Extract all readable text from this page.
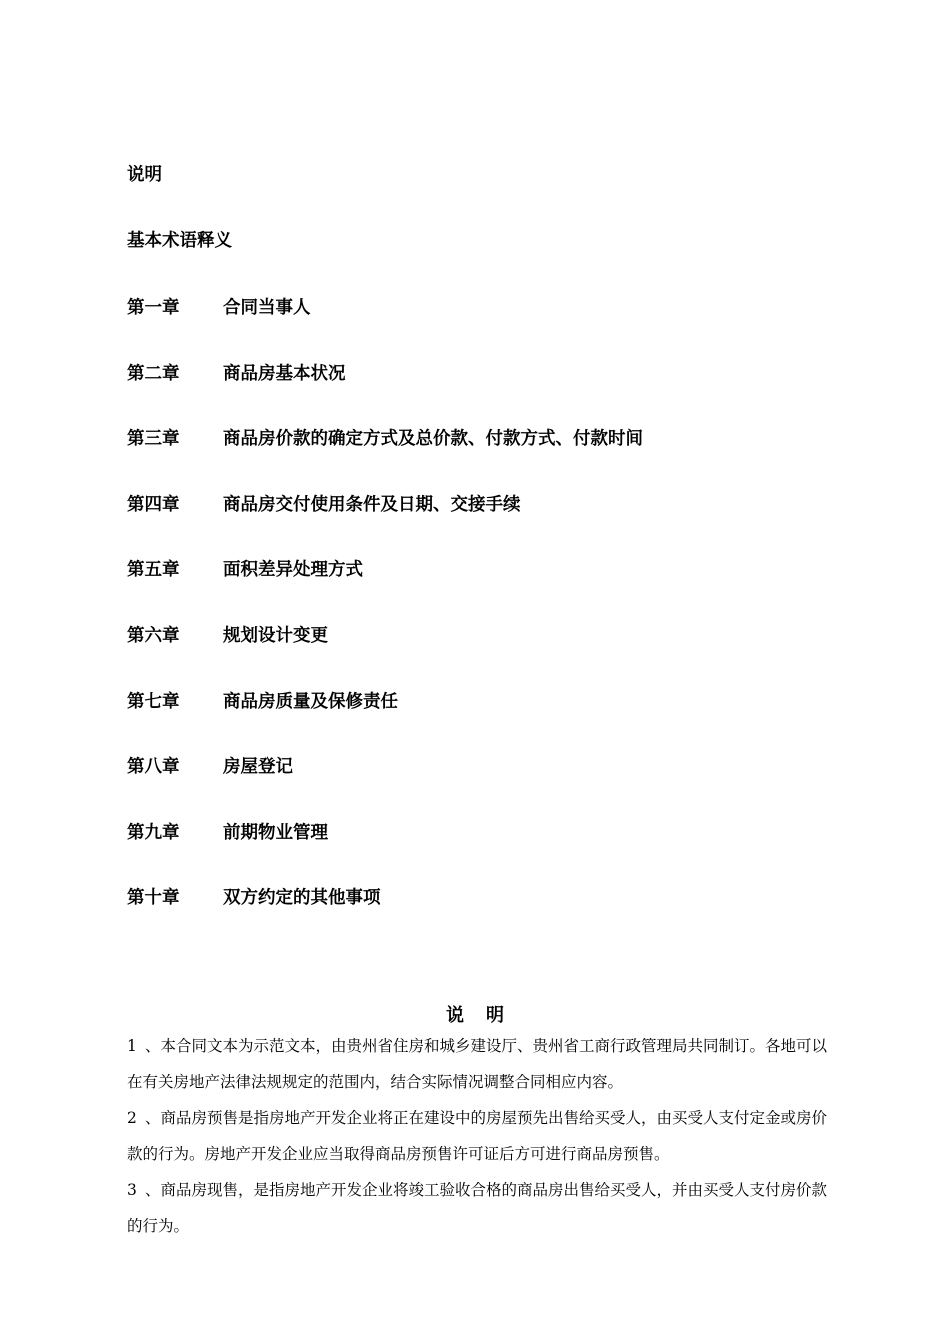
说明
基本术语释义
第一章 合同当事人
第二章 商品房基本状况
第三章 商品房价款的确定方式及总价款、付款方式、付款时间
第四章 商品房交付使用条件及日期、交接手续
第五章 面积差异处理方式
第六章 规划设计变更
第七章 商品房质量及保修责任
第八章 房屋登记
第九章 前期物业管理
第十章 双方约定的其他事项
说明

1 、本合同文本为示范文本，由贵州省住房和城乡建设厅、贵州省工商行政管理局共同制订。各地可以在有关房地产法律法规规定的范围内，结合实际情况调整合同相应内容。

2 、商品房预售是指房地产开发企业将正在建设中的房屋预先出售给买受人，由买受人支付定金或房价款的行为。房地产开发企业应当取得商品房预售许可证后方可进行商品房预售。

3 、商品房现售，是指房地产开发企业将竣工验收合格的商品房出售给买受人，并由买受人支付房价款的行为。
